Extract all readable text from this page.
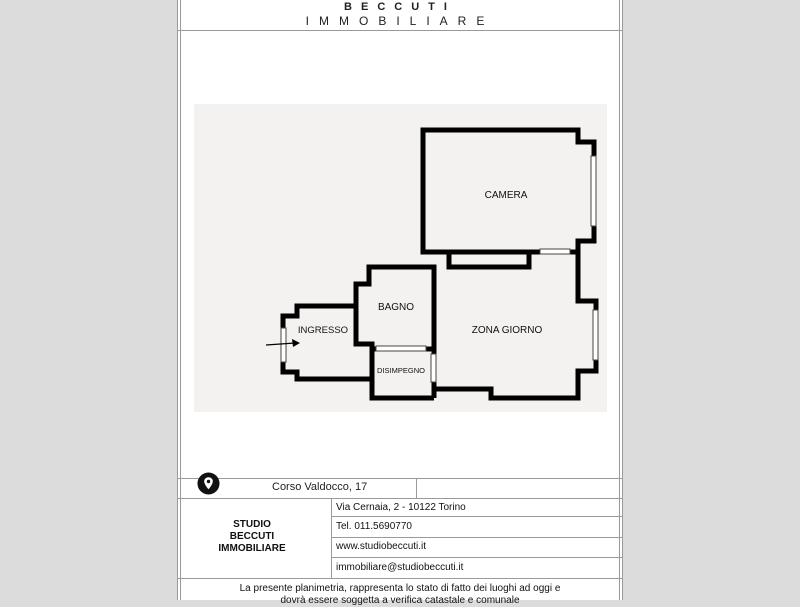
BECCUTI
IMMOBILIARE
CAMERA
BAGNO
INGRESSO	ZONA GIORNO
DISIMPEGNO
Corso Valdocco, 17
STUDIO
BECCUTI
IMMOBILIARE
Via Cernaia, 2 - 10122 Torino
Tel. 011.5690770
www.studiobeccuti.it
immobiliare@studiobeccuti.it
La presente planimetria, rappresenta lo stato di fatto dei luoghi ad oggi e
dovrà essere soggetta a verifica catastale e comunale
